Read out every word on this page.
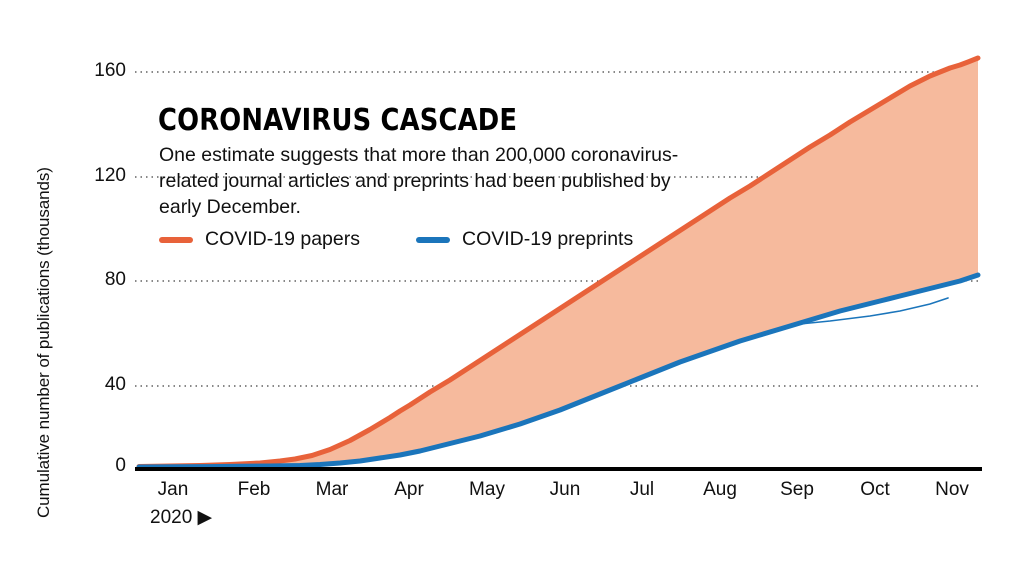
Cumulative number of publications (thousands)
160
120
80
40
0
Jan	Feb	Mar	Apr	May	Jun	Jul	Aug	Sep	Oct	Nov
2020 ▶
CORONAVIRUS CASCADE
One estimate suggests that more than 200,000 coronavirus-related journal articles and preprints had been published by early December.
COVID-19 papers	COVID-19 preprints
